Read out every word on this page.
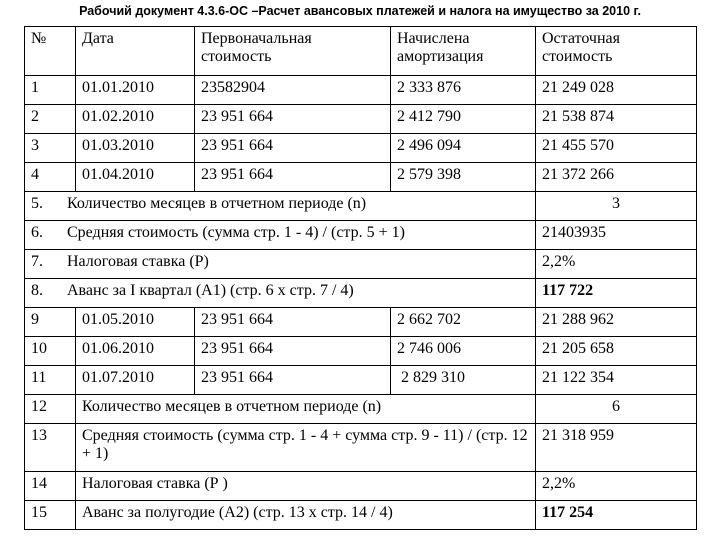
Рабочий документ 4.3.6-ОС –Расчет авансовых платежей и налога на имущество за 2010 г.
№	Дата	Первоначальная стоимость	Начислена амортизация	Остаточная стоимость
1	01.01.2010	23582904	2 333 876	21 249 028
2	01.02.2010	23 951 664	2 412 790	21 538 874
3	01.03.2010	23 951 664	2 496 094	21 455 570
4	01.04.2010	23 951 664	2 579 398	21 372 266
5. Количество месяцев в отчетном периоде (n)				3
6. Средняя стоимость (сумма стр. 1 - 4) / (стр. 5 + 1)				21403935
7. Налоговая ставка (Р)				2,2%
8. Аванс за I квартал (А1) (стр. 6 х стр. 7 / 4)				117 722
9	01.05.2010	23 951 664	2 662 702	21 288 962
10	01.06.2010	23 951 664	2 746 006	21 205 658
11	01.07.2010	23 951 664	2 829 310	21 122 354
12	Количество месяцев в отчетном периоде (n)			6
13	Средняя стоимость (сумма стр. 1 - 4 + сумма стр. 9 - 11) / (стр. 12 + 1)			21 318 959
14	Налоговая ставка (Р )			2,2%
15	Аванс за полугодие (А2) (стр. 13 х стр. 14 / 4)			117 254
